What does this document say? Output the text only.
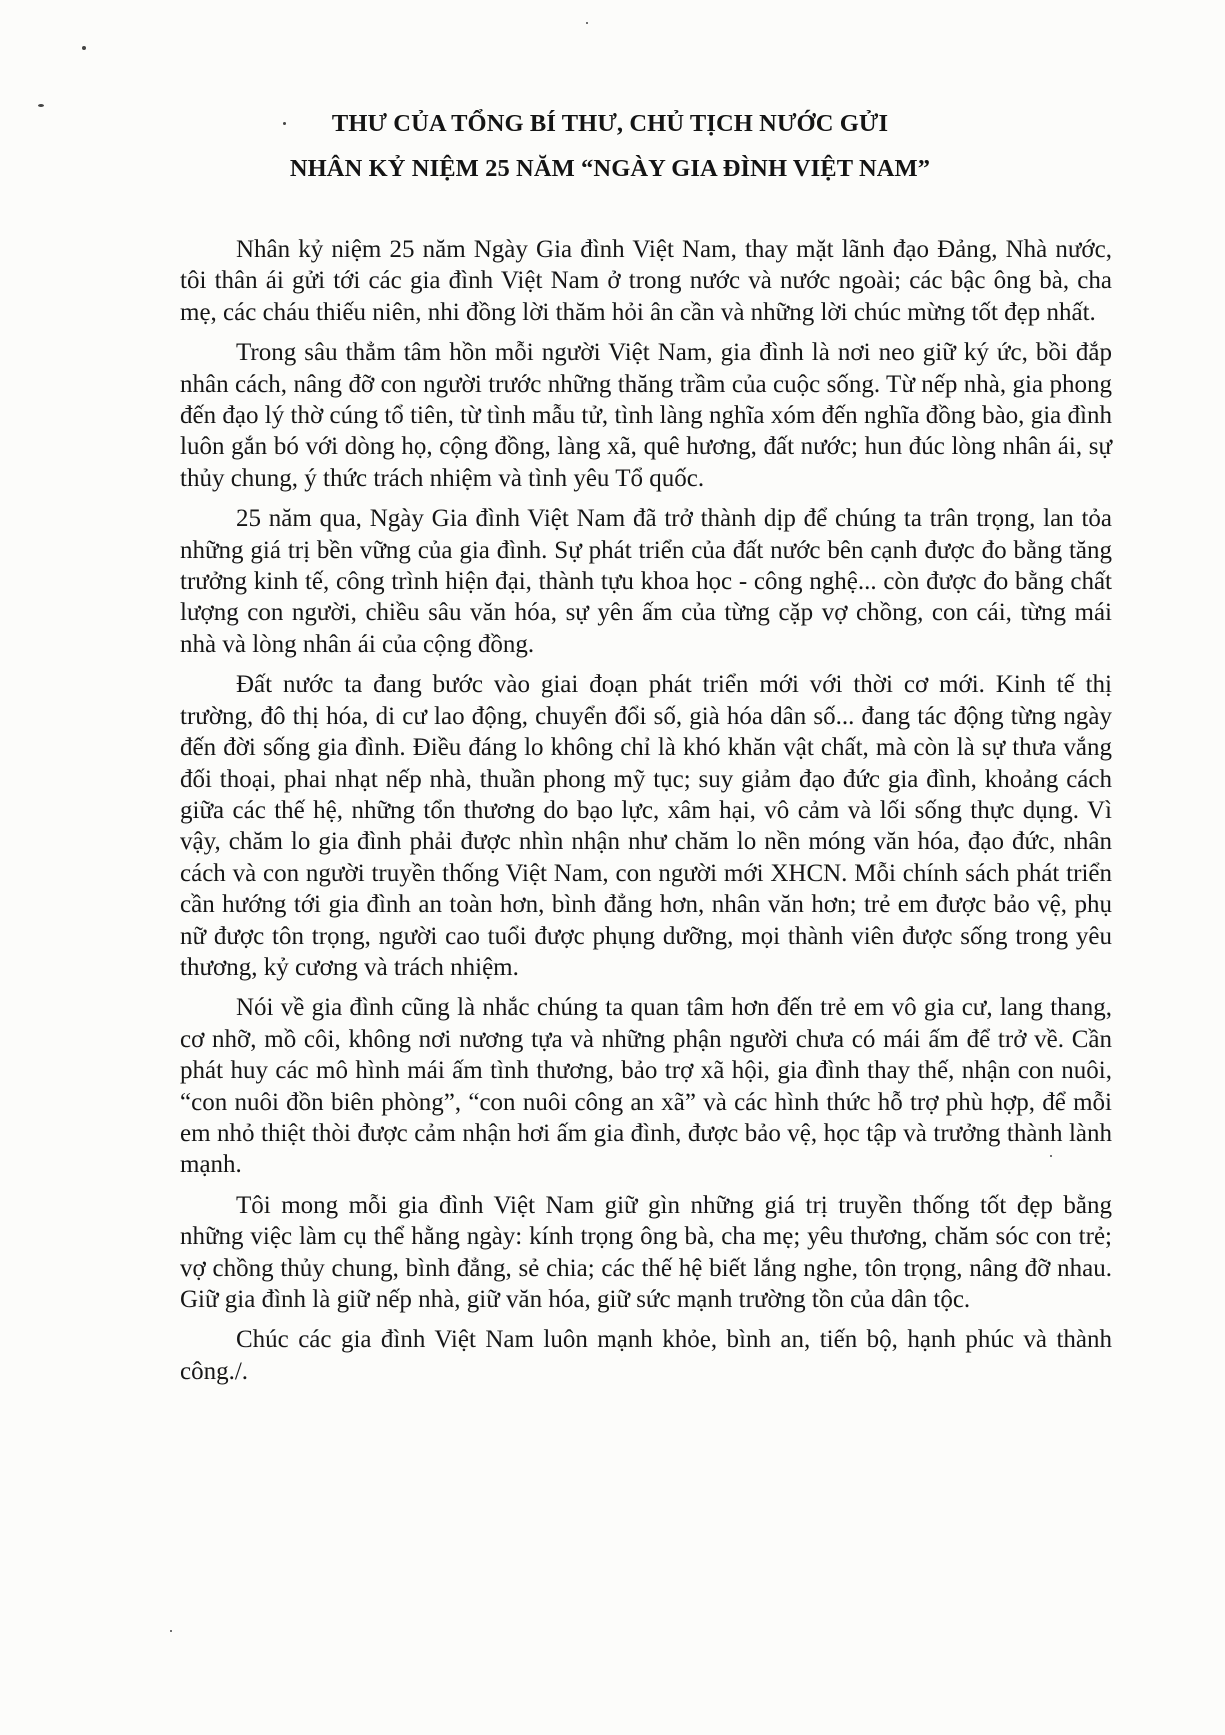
THƯ CỦA TỔNG BÍ THƯ, CHỦ TỊCH NƯỚC GỬI
NHÂN KỶ NIỆM 25 NĂM “NGÀY GIA ĐÌNH VIỆT NAM”

Nhân kỷ niệm 25 năm Ngày Gia đình Việt Nam, thay mặt lãnh đạo Đảng, Nhà nước, tôi thân ái gửi tới các gia đình Việt Nam ở trong nước và nước ngoài; các bậc ông bà, cha mẹ, các cháu thiếu niên, nhi đồng lời thăm hỏi ân cần và những lời chúc mừng tốt đẹp nhất.

Trong sâu thẳm tâm hồn mỗi người Việt Nam, gia đình là nơi neo giữ ký ức, bồi đắp nhân cách, nâng đỡ con người trước những thăng trầm của cuộc sống. Từ nếp nhà, gia phong đến đạo lý thờ cúng tổ tiên, từ tình mẫu tử, tình làng nghĩa xóm đến nghĩa đồng bào, gia đình luôn gắn bó với dòng họ, cộng đồng, làng xã, quê hương, đất nước; hun đúc lòng nhân ái, sự thủy chung, ý thức trách nhiệm và tình yêu Tổ quốc.

25 năm qua, Ngày Gia đình Việt Nam đã trở thành dịp để chúng ta trân trọng, lan tỏa những giá trị bền vững của gia đình. Sự phát triển của đất nước bên cạnh được đo bằng tăng trưởng kinh tế, công trình hiện đại, thành tựu khoa học - công nghệ... còn được đo bằng chất lượng con người, chiều sâu văn hóa, sự yên ấm của từng cặp vợ chồng, con cái, từng mái nhà và lòng nhân ái của cộng đồng.

Đất nước ta đang bước vào giai đoạn phát triển mới với thời cơ mới. Kinh tế thị trường, đô thị hóa, di cư lao động, chuyển đổi số, già hóa dân số... đang tác động từng ngày đến đời sống gia đình. Điều đáng lo không chỉ là khó khăn vật chất, mà còn là sự thưa vắng đối thoại, phai nhạt nếp nhà, thuần phong mỹ tục; suy giảm đạo đức gia đình, khoảng cách giữa các thế hệ, những tổn thương do bạo lực, xâm hại, vô cảm và lối sống thực dụng. Vì vậy, chăm lo gia đình phải được nhìn nhận như chăm lo nền móng văn hóa, đạo đức, nhân cách và con người truyền thống Việt Nam, con người mới XHCN. Mỗi chính sách phát triển cần hướng tới gia đình an toàn hơn, bình đẳng hơn, nhân văn hơn; trẻ em được bảo vệ, phụ nữ được tôn trọng, người cao tuổi được phụng dưỡng, mọi thành viên được sống trong yêu thương, kỷ cương và trách nhiệm.

Nói về gia đình cũng là nhắc chúng ta quan tâm hơn đến trẻ em vô gia cư, lang thang, cơ nhỡ, mồ côi, không nơi nương tựa và những phận người chưa có mái ấm để trở về. Cần phát huy các mô hình mái ấm tình thương, bảo trợ xã hội, gia đình thay thế, nhận con nuôi, “con nuôi đồn biên phòng”, “con nuôi công an xã” và các hình thức hỗ trợ phù hợp, để mỗi em nhỏ thiệt thòi được cảm nhận hơi ấm gia đình, được bảo vệ, học tập và trưởng thành lành mạnh.

Tôi mong mỗi gia đình Việt Nam giữ gìn những giá trị truyền thống tốt đẹp bằng những việc làm cụ thể hằng ngày: kính trọng ông bà, cha mẹ; yêu thương, chăm sóc con trẻ; vợ chồng thủy chung, bình đẳng, sẻ chia; các thế hệ biết lắng nghe, tôn trọng, nâng đỡ nhau. Giữ gia đình là giữ nếp nhà, giữ văn hóa, giữ sức mạnh trường tồn của dân tộc.

Chúc các gia đình Việt Nam luôn mạnh khỏe, bình an, tiến bộ, hạnh phúc và thành công./.
